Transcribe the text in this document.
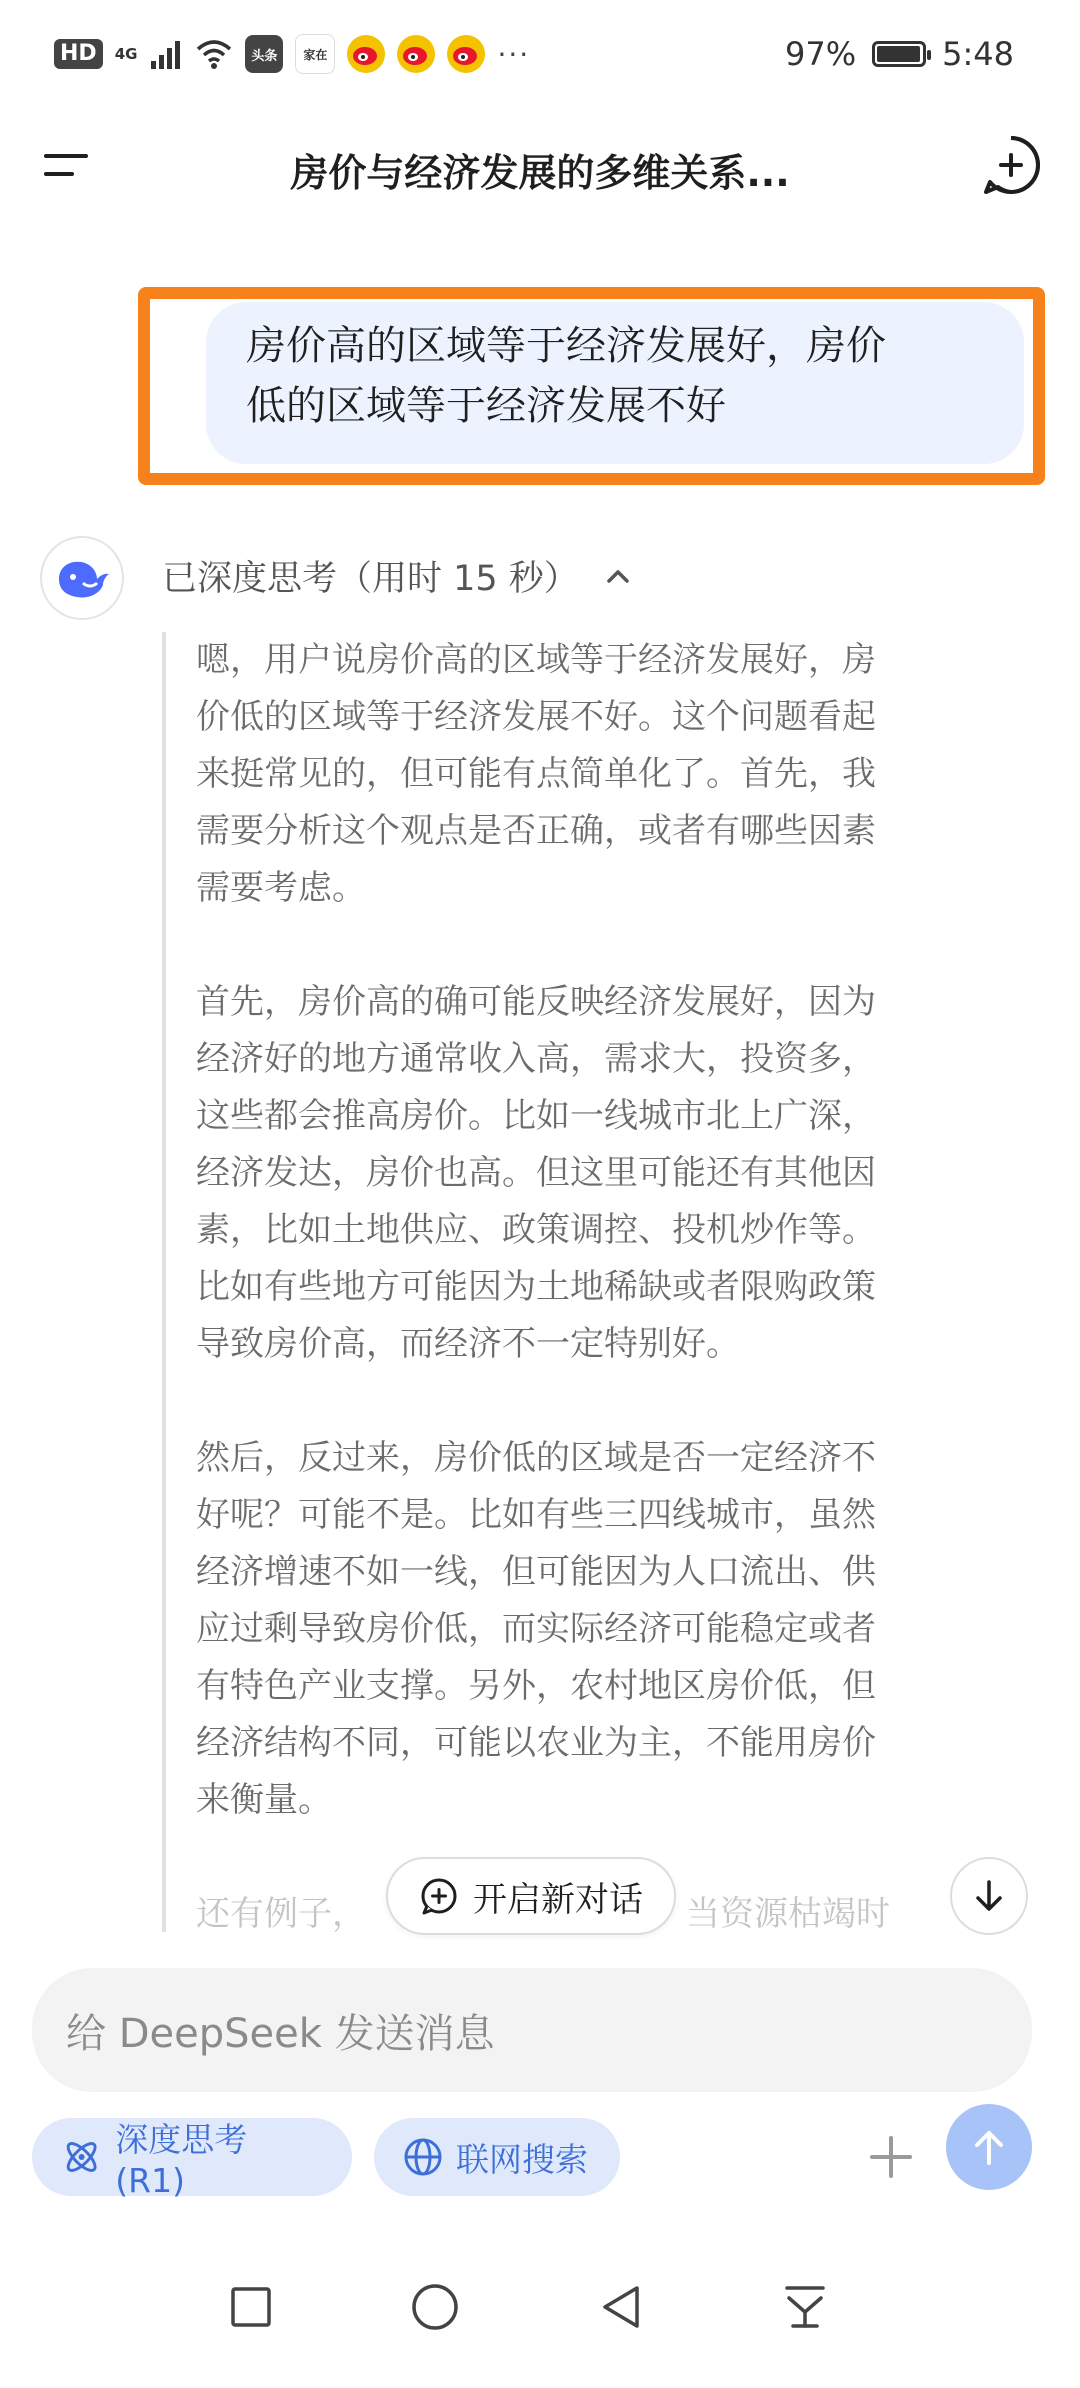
HD	4G	头条	家在	···	97%	5:48
房价与经济发展的多维关系...
房价高的区域等于经济发展好，房价
低的区域等于经济发展不好
已深度思考（用时 15 秒）
嗯，用户说房价高的区域等于经济发展好，房
价低的区域等于经济发展不好。这个问题看起
来挺常见的，但可能有点简单化了。首先，我
需要分析这个观点是否正确，或者有哪些因素
需要考虑。
首先，房价高的确可能反映经济发展好，因为
经济好的地方通常收入高，需求大，投资多，
这些都会推高房价。比如一线城市北上广深，
经济发达，房价也高。但这里可能还有其他因
素，比如土地供应、政策调控、投机炒作等。
比如有些地方可能因为土地稀缺或者限购政策
导致房价高，而经济不一定特别好。
然后，反过来，房价低的区域是否一定经济不
好呢？可能不是。比如有些三四线城市，虽然
经济增速不如一线，但可能因为人口流出、供
应过剩导致房价低，而实际经济可能稳定或者
有特色产业支撑。另外，农村地区房价低，但
经济结构不同，可能以农业为主，不能用房价
来衡量。
还有例子，	当资源枯竭时
开启新对话
给 DeepSeek 发送消息
深度思考 (R1)
联网搜索
